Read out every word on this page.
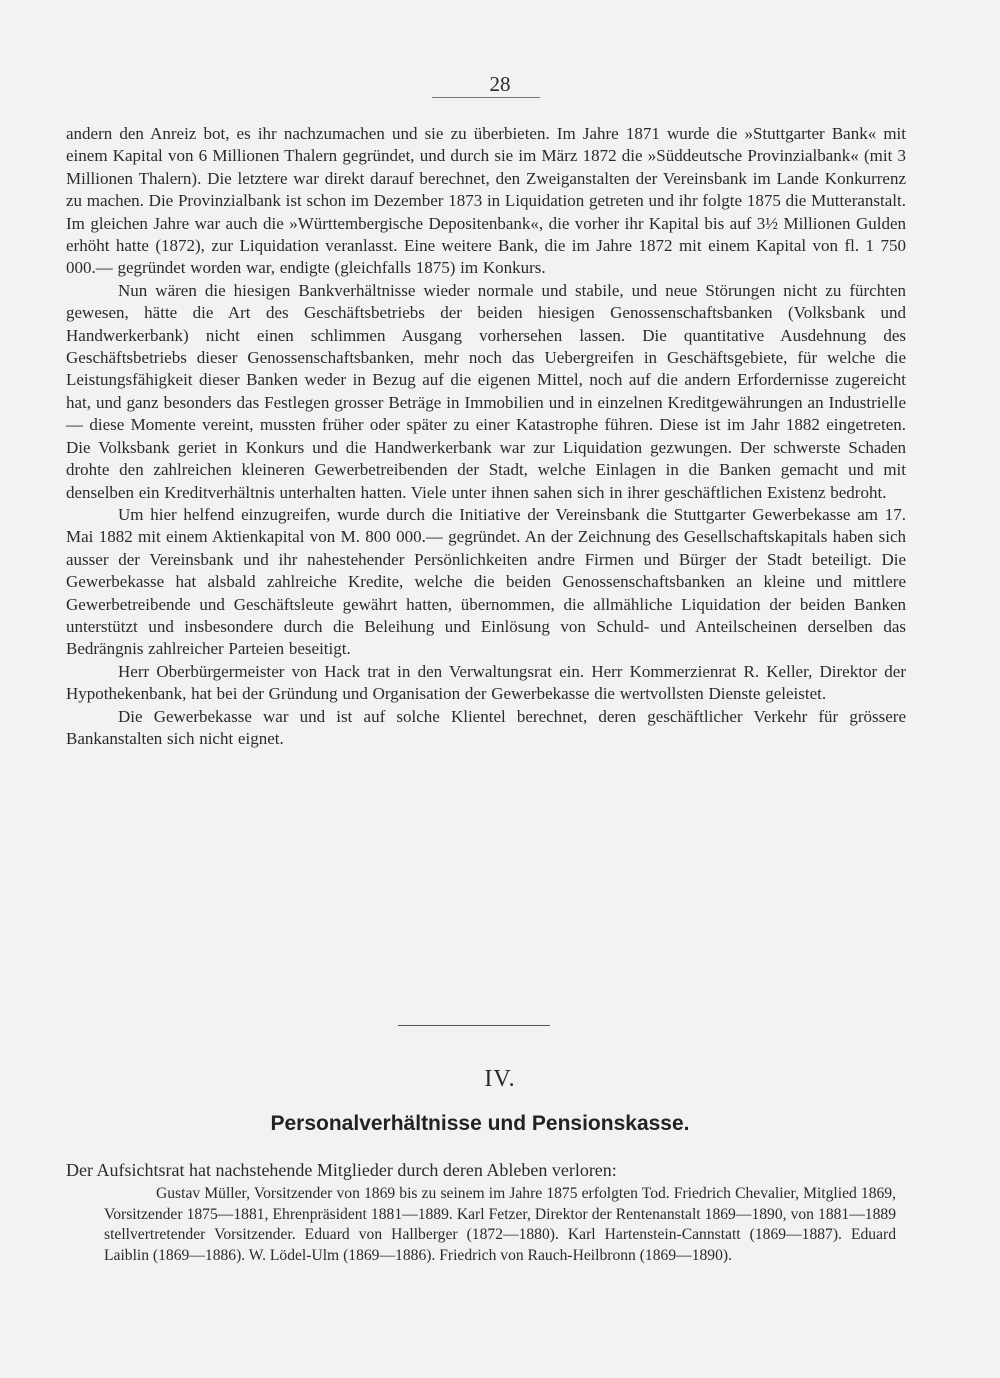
28

andern den Anreiz bot, es ihr nachzumachen und sie zu überbieten. Im Jahre 1871 wurde die »Stuttgarter Bank« mit einem Kapital von 6 Millionen Thalern gegründet, und durch sie im März 1872 die »Süddeutsche Provinzialbank« (mit 3 Millionen Thalern). Die letztere war direkt darauf berechnet, den Zweiganstalten der Vereinsbank im Lande Konkurrenz zu machen. Die Provinzialbank ist schon im Dezember 1873 in Liquidation getreten und ihr folgte 1875 die Mutteranstalt. Im gleichen Jahre war auch die »Württembergische Depositenbank«, die vorher ihr Kapital bis auf 3½ Millionen Gulden erhöht hatte (1872), zur Liquidation veranlasst. Eine weitere Bank, die im Jahre 1872 mit einem Kapital von fl. 1 750 000.— gegründet worden war, endigte (gleichfalls 1875) im Konkurs.

Nun wären die hiesigen Bankverhältnisse wieder normale und stabile, und neue Störungen nicht zu fürchten gewesen, hätte die Art des Geschäftsbetriebs der beiden hiesigen Genossenschaftsbanken (Volksbank und Handwerkerbank) nicht einen schlimmen Ausgang vorhersehen lassen. Die quantitative Ausdehnung des Geschäftsbetriebs dieser Genossenschaftsbanken, mehr noch das Uebergreifen in Geschäftsgebiete, für welche die Leistungsfähigkeit dieser Banken weder in Bezug auf die eigenen Mittel, noch auf die andern Erfordernisse zugereicht hat, und ganz besonders das Festlegen grosser Beträge in Immobilien und in einzelnen Kreditgewährungen an Industrielle — diese Momente vereint, mussten früher oder später zu einer Katastrophe führen. Diese ist im Jahr 1882 eingetreten. Die Volksbank geriet in Konkurs und die Handwerkerbank war zur Liquidation gezwungen. Der schwerste Schaden drohte den zahlreichen kleineren Gewerbetreibenden der Stadt, welche Einlagen in die Banken gemacht und mit denselben ein Kreditverhältnis unterhalten hatten. Viele unter ihnen sahen sich in ihrer geschäftlichen Existenz bedroht.

Um hier helfend einzugreifen, wurde durch die Initiative der Vereinsbank die Stuttgarter Gewerbekasse am 17. Mai 1882 mit einem Aktienkapital von M. 800 000.— gegründet. An der Zeichnung des Gesellschaftskapitals haben sich ausser der Vereinsbank und ihr nahestehender Persönlichkeiten andre Firmen und Bürger der Stadt beteiligt. Die Gewerbekasse hat alsbald zahlreiche Kredite, welche die beiden Genossenschaftsbanken an kleine und mittlere Gewerbetreibende und Geschäftsleute gewährt hatten, übernommen, die allmähliche Liquidation der beiden Banken unterstützt und insbesondere durch die Beleihung und Einlösung von Schuld- und Anteilscheinen derselben das Bedrängnis zahlreicher Parteien beseitigt.

Herr Oberbürgermeister von Hack trat in den Verwaltungsrat ein. Herr Kommerzienrat R. Keller, Direktor der Hypothekenbank, hat bei der Gründung und Organisation der Gewerbekasse die wertvollsten Dienste geleistet.

Die Gewerbekasse war und ist auf solche Klientel berechnet, deren geschäftlicher Verkehr für grössere Bankanstalten sich nicht eignet.

IV.
Personalverhältnisse und Pensionskasse.
Der Aufsichtsrat hat nachstehende Mitglieder durch deren Ableben verloren:

Gustav Müller, Vorsitzender von 1869 bis zu seinem im Jahre 1875 erfolgten Tod. Friedrich Chevalier, Mitglied 1869, Vorsitzender 1875—1881, Ehrenpräsident 1881—1889. Karl Fetzer, Direktor der Rentenanstalt 1869—1890, von 1881—1889 stellvertretender Vorsitzender. Eduard von Hallberger (1872—1880). Karl Hartenstein-Cannstatt (1869—1887). Eduard Laiblin (1869—1886). W. Lödel-Ulm (1869—1886). Friedrich von Rauch-Heilbronn (1869—1890).
